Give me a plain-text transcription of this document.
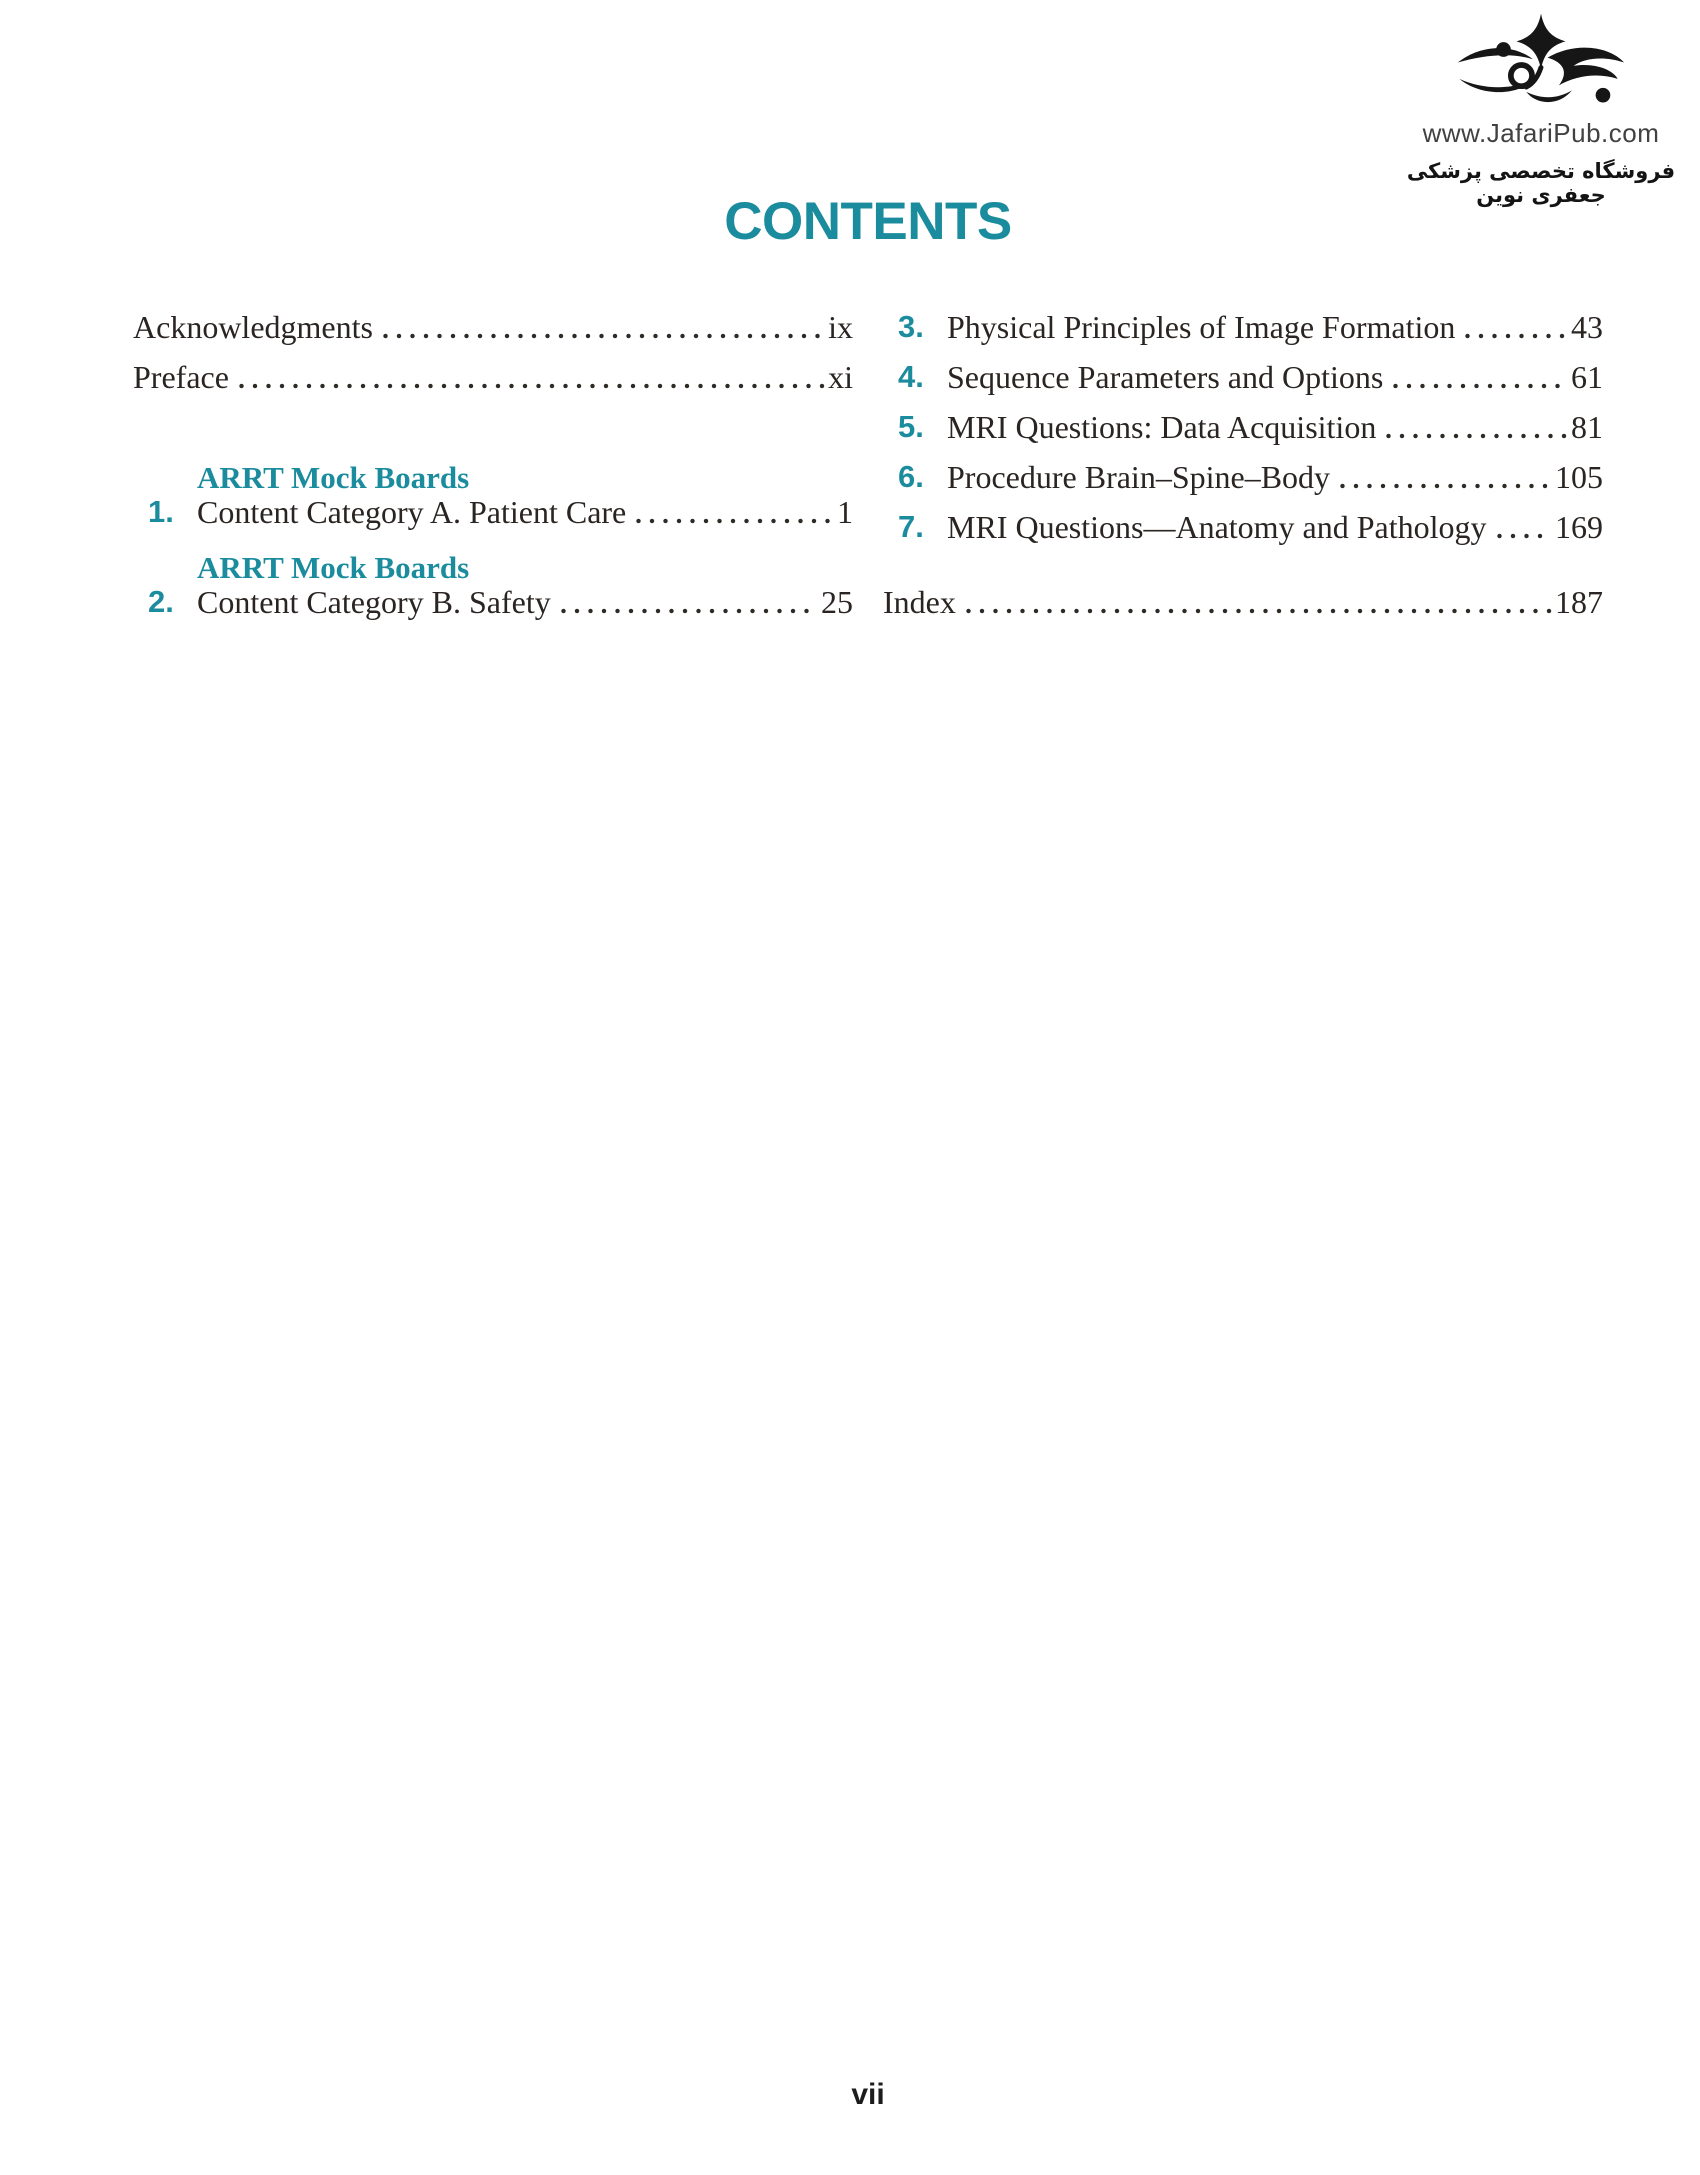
www.JafariPub.com
فروشگاه تخصصی پزشکی جعفری نوین
CONTENTS
Acknowledgments	ix
Preface	xi
ARRT Mock Boards
1. Content Category A. Patient Care	1
ARRT Mock Boards
2. Content Category B. Safety	25
3. Physical Principles of Image Formation	43
4. Sequence Parameters and Options	61
5. MRI Questions: Data Acquisition	81
6. Procedure Brain–Spine–Body	105
7. MRI Questions—Anatomy and Pathology 169
Index	187
vii
